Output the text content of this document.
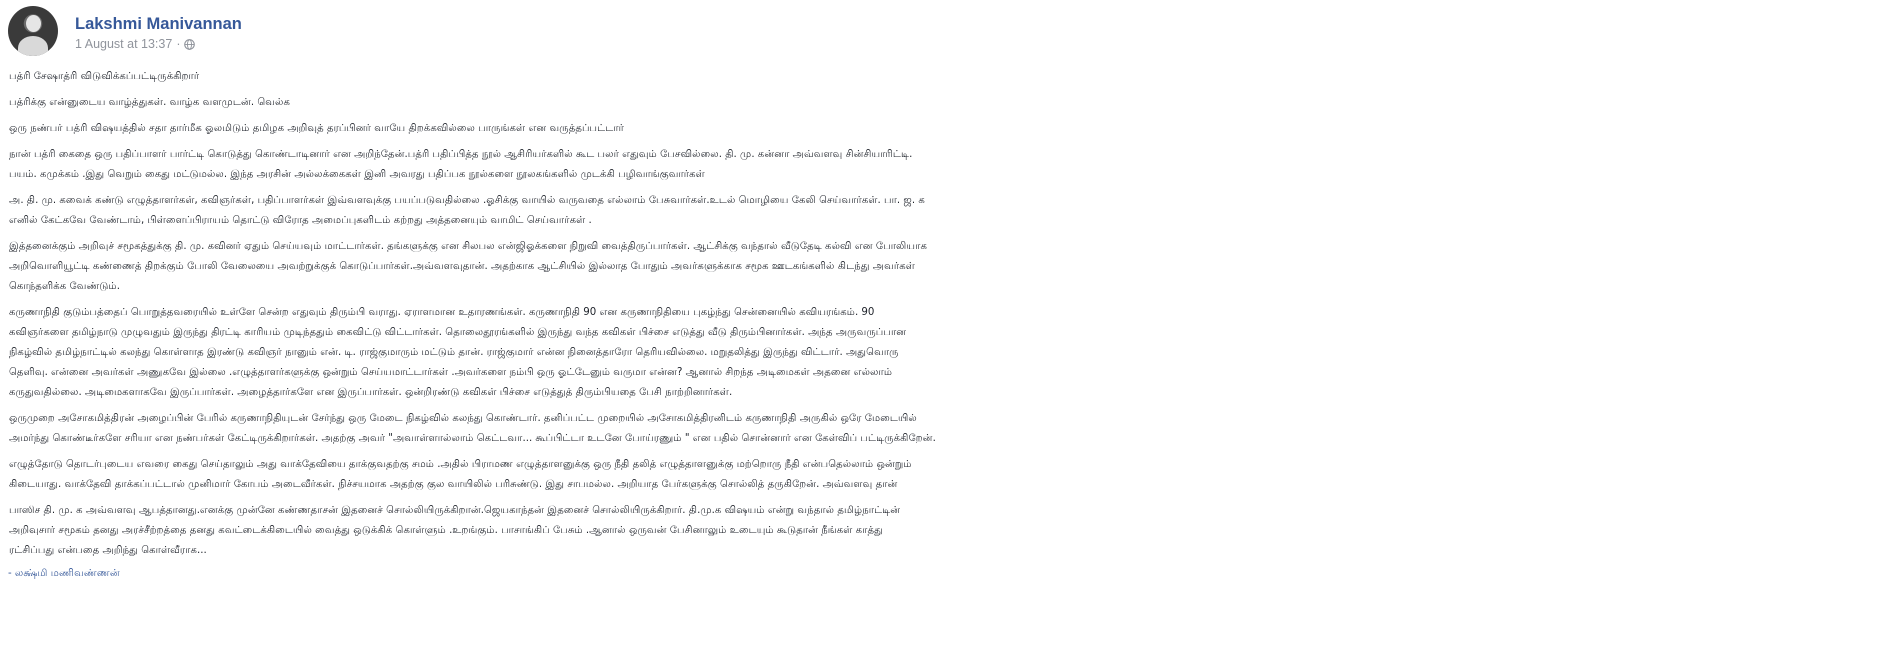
Lakshmi Manivannan
1 August at 13:37 ·
பத்ரி சேஷாத்ரி விடுவிக்கப்பட்டிருக்கிறார்
பத்ரிக்கு என்னுடைய வாழ்த்துகள். வாழ்க வளமுடன். வெல்க
ஒரு நண்பர் பத்ரி விஷயத்தில் சதா தார்மீக ஓலமிடும் தமிழக அறிவுத் தரப்பினர் வாயே திறக்கவில்லை பாருங்கள் என வருத்தப்பட்டார்
நான் பத்ரி கைதை ஒரு பதிப்பாளர் பார்ட்டி கொடுத்து கொண்டாடினார் என அறிந்தேன்.பத்ரி பதிப்பித்த நூல் ஆசிரியர்களில் கூட பலர் எதுவும் பேசவில்லை. தி. மு. கன்னா அவ்வளவு சின்சியாரிட்டி.
பயம். கமுக்கம் .இது வெறும் கைது மட்டுமல்ல. இந்த அரசின் அல்லக்கைகள் இனி அவரது பதிப்பக நூல்களை நூலகங்களில் முடக்கி பழிவாங்குவார்கள்
அ. தி. மு. கவைக் கண்டு எழுத்தாளர்கள், கவிஞர்கள், பதிப்பாளர்கள் இவ்வளவுக்கு பயப்படுவதில்லை .ஓசிக்கு வாயில் வருவதை எல்லாம் பேசுவார்கள்.உடல் மொழியை கேலி செய்வார்கள். பா. ஜ. க
எனில் கேட்கவே வேண்டாம், பிள்ளைப்பிராயம் தொட்டு விரோத அமைப்புகளிடம் கற்றது அத்தனையும் வாமிட் செய்வார்கள் .
இத்தனைக்கும் அறிவுச் சமூகத்துக்கு தி. மு. கவினர் ஏதும் செய்யவும் மாட்டார்கள். தங்களுக்கு என சிலபல என்ஜிஓக்களை நிறுவி வைத்திருப்பார்கள். ஆட்சிக்கு வந்தால் வீடுதேடி கல்வி என போலியாக
அறிவொளியூட்டி கண்ணைத் திறக்கும் போலி வேலையை அவற்றுக்குக் கொடுப்பார்கள்.அவ்வளவுதான். அதற்காக ஆட்சியில் இல்லாத போதும் அவர்களுக்காக சமூக ஊடகங்களில் கிடந்து அவர்கள்
கொந்தளிக்க வேண்டும்.
கருணாநிதி குடும்பத்தைப் பொறுத்தவரையில் உள்ளே சென்ற எதுவும் திரும்பி வராது. ஏராளமான உதாரணங்கள். கருணாநிதி 90 என கருணாநிதியை புகழ்ந்து சென்னையில் கவியரங்கம். 90
கவிஞர்களை தமிழ்நாடு முழுவதும் இருந்து திரட்டி காரியம் முடிந்ததும் கைவிட்டு விட்டார்கள். தொலைதூரங்களில் இருந்து வந்த கவிகள் பிச்சை எடுத்து வீடு திரும்பினார்கள். அந்த அருவருப்பான
நிகழ்வில் தமிழ்நாட்டில் கலந்து கொள்ளாத இரண்டு கவிஞர் நானும் என். டி. ராஜ்குமாரும் மட்டும் தான். ராஜ்குமார் என்ன நினைத்தாரோ தெரியவில்லை. மறுதலித்து இருந்து விட்டார். அதுவொரு
தெளிவு. என்னை அவர்கள் அணுகவே இல்லை .எழுத்தாளர்களுக்கு ஒன்றும் செய்யமாட்டார்கள் .அவர்களை நம்பி ஒரு ஓட்டேனும் வருமா என்ன? ஆனால் சிறந்த அடிமைகள் அதனை எல்லாம்
கருதுவதில்லை. அடிமைகளாகவே இருப்பார்கள். அழைத்தார்களே என இருப்பார்கள். ஒன்றிரண்டு கவிகள் பிச்சை எடுத்துத் திரும்பியதை பேசி நாற்றினார்கள்.
ஒருமுறை அசோகமித்திரன் அழைப்பின் பேரில் கருணாநிதியுடன் சேர்ந்து ஒரு மேடை நிகழ்வில் கலந்து கொண்டார். தனிப்பட்ட முறையில் அசோகமித்திரனிடம் கருணாநிதி அருகில் ஒரே மேடையில்
அமர்ந்து கொண்டீர்களே சரியா என நண்பர்கள் கேட்டிருக்கிறார்கள். அதற்கு அவர் "அவாள்ளால்லாம் கெட்டவா... கூப்பிட்டா உடனே போய்ரணும் " என பதில் சொன்னார் என கேள்விப் பட்டிருக்கிறேன்.
எழுத்தோடு தொடர்புடைய எவரை கைது செய்தாலும் அது வாக்தேவியை தாக்குவதற்கு சமம் .அதில் பிராமண எழுத்தாளனுக்கு ஒரு நீதி தலித் எழுத்தாளனுக்கு மற்றொரு நீதி என்பதெல்லாம் ஒன்றும்
கிடையாது. வாக்தேவி தாக்கப்பட்டால் முனிமார் கோபம் அடைவீர்கள். நிச்சயமாக அதற்கு குல வாயிலில் பரிசுண்டு. இது சாபமல்ல. அறியாத பேர்களுக்கு சொல்லித் தருகிறேன். அவ்வளவு தான்
பாஸிச தி. மு. க அவ்வளவு ஆபத்தானது.எனக்கு முன்னே கண்ணதாசன் இதனைச் சொல்லியிருக்கிறான்.ஜெயகாந்தன் இதனைச் சொல்லியிருக்கிறார். தி.மு.க விஷயம் என்று வந்தால் தமிழ்நாட்டின்
அறிவுசார் சமூகம் தனது அரச்சீற்றத்தை தனது கவட்டைக்கிடையில் வைத்து ஒடுக்கிக் கொள்ளும் .உறங்கும். பாசாங்கிப் பேசும் .ஆனால் ஒருவன் பேசினாலும் உடையும் கூடுதான் நீங்கள் காத்து
ரட்சிப்பது என்பதை அறிந்து கொள்வீராக...
- லக்ஷ்மி மணிவண்ணன்
